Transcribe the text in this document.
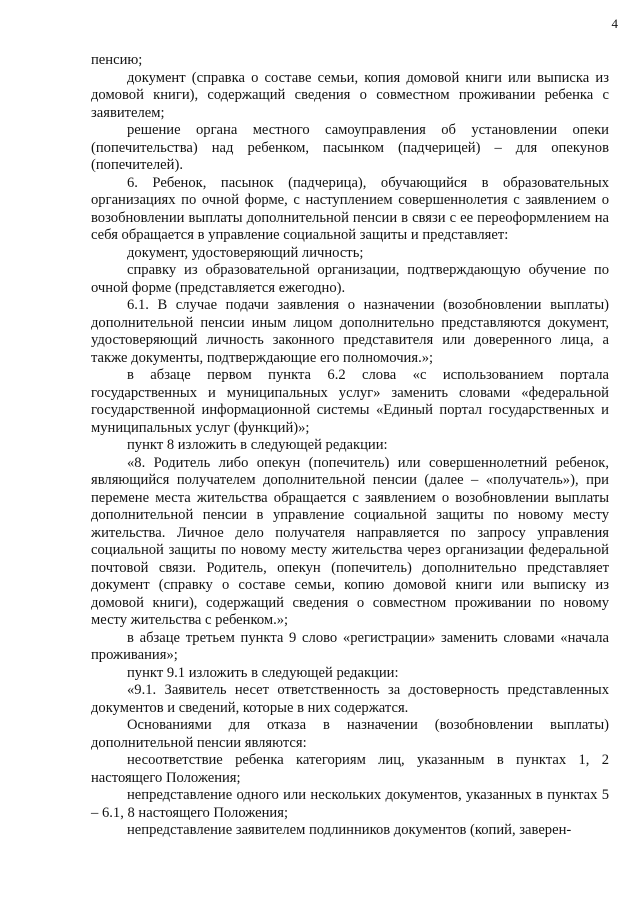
4

пенсию;

документ (справка о составе семьи, копия домовой книги или выписка из домовой книги), содержащий сведения о совместном проживании ребенка с заявителем;

решение органа местного самоуправления об установлении опеки (попечительства) над ребенком, пасынком (падчерицей) – для опекунов (попечителей).

6. Ребенок, пасынок (падчерица), обучающийся в образовательных организациях по очной форме, с наступлением совершеннолетия с заявлением о возобновлении выплаты дополнительной пенсии в связи с ее переоформлением на себя обращается в управление социальной защиты и представляет:

документ, удостоверяющий личность;

справку из образовательной организации, подтверждающую обучение по очной форме (представляется ежегодно).

6.1. В случае подачи заявления о назначении (возобновлении выплаты) дополнительной пенсии иным лицом дополнительно представляются документ, удостоверяющий личность законного представителя или доверенного лица, а также документы, подтверждающие его полномочия.»;

в абзаце первом пункта 6.2 слова «с использованием портала государственных и муниципальных услуг» заменить словами «федеральной государственной информационной системы «Единый портал государственных и муниципальных услуг (функций)»;

пункт 8 изложить в следующей редакции:

«8. Родитель либо опекун (попечитель) или совершеннолетний ребенок, являющийся получателем дополнительной пенсии (далее – «получатель»), при перемене места жительства обращается с заявлением о возобновлении выплаты дополнительной пенсии в управление социальной защиты по новому месту жительства. Личное дело получателя направляется по запросу управления социальной защиты по новому месту жительства через организации федеральной почтовой связи. Родитель, опекун (попечитель) дополнительно представляет документ (справку о составе семьи, копию домовой книги или выписку из домовой книги), содержащий сведения о совместном проживании по новому месту жительства с ребенком.»;

в абзаце третьем пункта 9 слово «регистрации» заменить словами «начала проживания»;

пункт 9.1 изложить в следующей редакции:

«9.1. Заявитель несет ответственность за достоверность представленных документов и сведений, которые в них содержатся.

Основаниями для отказа в назначении (возобновлении выплаты) дополнительной пенсии являются:

несоответствие ребенка категориям лиц, указанным в пунктах 1, 2 настоящего Положения;

непредставление одного или нескольких документов, указанных в пунктах 5 – 6.1, 8 настоящего Положения;

непредставление заявителем подлинников документов (копий, заверен-
